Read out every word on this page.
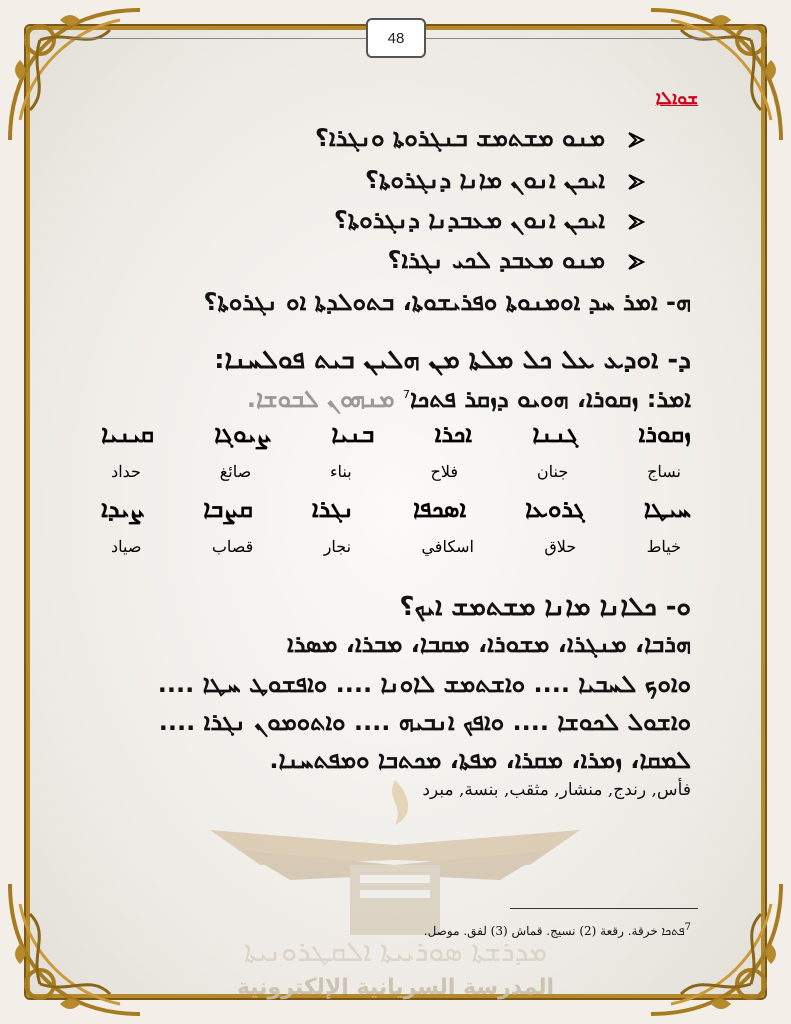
48
ܡܕܪܫܬܐ ܣܘܪܝܝܬܐ ܐܠܩܛܪܘܢܝܬܐ
المدرسة السريانية الإلكترونية
ܫܘܐܠܐ
ܡܢܘ ܡܫܬܡܫ ܒܢܓܪܘܬܐ ܘܢܓܪܐ؟
ܐܝܟܢ ܐܢܘܢ ܡܐܢܐ ܕܢܓܪܘܬܐ؟
ܐܝܟܢ ܐܢܘܢ ܡܥܒܕܢܐ ܕܢܓܪܘܬܐ؟
ܡܢܘ ܡܥܒܕ ܠܟܝ ܢܓܪܐ؟
ܗ- ܐܡܪ ܚܕ ܐܘܡܢܘܬܐ ܘܦܪܝܫܘܬܐ، ܒܬܘܠܕܬܐ ܐܘ ܢܓܪܘܬܐ؟
ܕ- ܐܘܕܥ ܥܠ ܟܠ ܡܠܬܐ ܡܢ ܗܠܝܢ ܒܝܬ ܦܘܠܚܢܐ:
ܐܡܪ: ܙܩܘܪܐ، ܗܘܝܘ ܕܙܩܪ ܦܬܟܐ$^7$ ܡܢܗܘܢ ܠܒܘܫܐ.
ܙܩܘܪܐ
ܓܢܢܐ
ܐܟܪܐ
ܒܢܝܐ
ܨܝܘܓܐ
ܩܝܢܝܐ
نساج
جنان
فلاح
بناء
صائغ
حداد
ܚܝܛܐ
ܓܪܘܥܐ
ܐܣܟܦܐ
ܢܓܪܐ
ܩܨܒܐ
ܨܝܕܐ
خياط
حلاق
اسكافي
نجار
قصاب
صياد
ܘ- ܟܠܐܢܐ ܡܐܢܐ ܡܫܬܡܫ ܐܝܟ؟
ܗܪܒܐ، ܡܢܓܪܐ، ܡܫܘܪܐ، ܡܩܒܐ، ܡܒܪܐ، ܡܣܪܐ
ܘܐܘܟ ܠܚܒܝܐ .... ܘܐܫܬܡܫ ܠܐܘܢܐ .... ܘܐܦܫܘܛ ܚܛܐ ....
ܘܐܫܘܠ ܠܟܘܫܐ .... ܘܐܦܟ ܐܢܒܝܗ .... ܘܐܬܘܡܘܢ ܢܓܪܐ ....
ܠܡܩܐ، ܙܡܪܐ، ܡܩܪܐ، ܡܦܬܐ، ܡܟܬܒܐ ܘܡܦܬܚܢܐ.
فأس, رندج, منشار, مثقب, بنسة, مبرد
$^7$ܦܬܟܐ خرقة. رقعة (2) نسيج. قماش (3) لفق. موصل.
